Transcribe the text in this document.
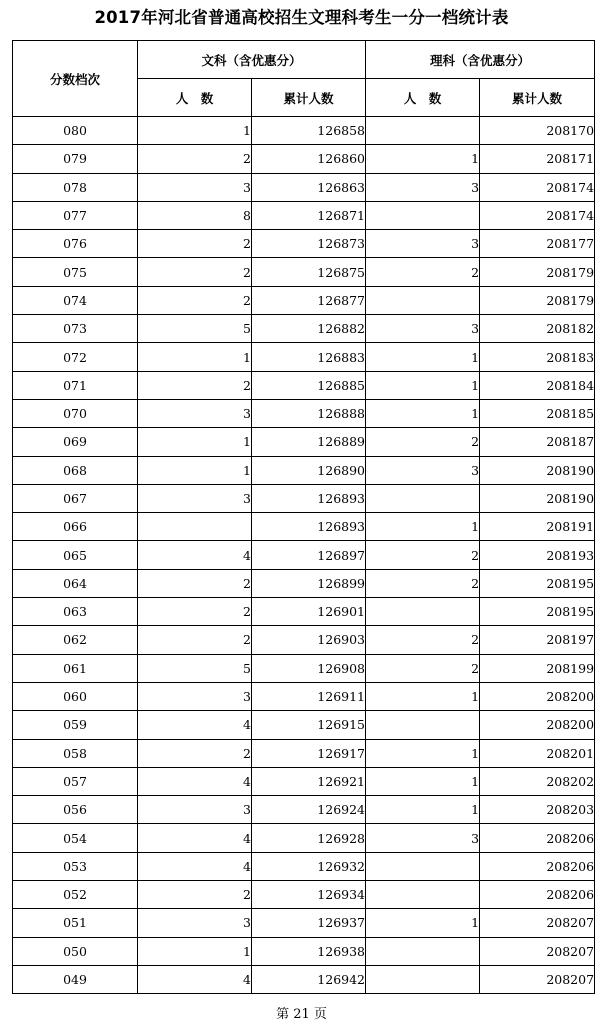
2017年河北省普通高校招生文理科考生一分一档统计表
分数档次	文科（含优惠分）		理科（含优惠分）	
	人　数	累计人数	人　数	累计人数
080	1	126858		208170
079	2	126860	1	208171
078	3	126863	3	208174
077	8	126871		208174
076	2	126873	3	208177
075	2	126875	2	208179
074	2	126877		208179
073	5	126882	3	208182
072	1	126883	1	208183
071	2	126885	1	208184
070	3	126888	1	208185
069	1	126889	2	208187
068	1	126890	3	208190
067	3	126893		208190
066		126893	1	208191
065	4	126897	2	208193
064	2	126899	2	208195
063	2	126901		208195
062	2	126903	2	208197
061	5	126908	2	208199
060	3	126911	1	208200
059	4	126915		208200
058	2	126917	1	208201
057	4	126921	1	208202
056	3	126924	1	208203
054	4	126928	3	208206
053	4	126932		208206
052	2	126934		208206
051	3	126937	1	208207
050	1	126938		208207
049	4	126942		208207
第 21 页
